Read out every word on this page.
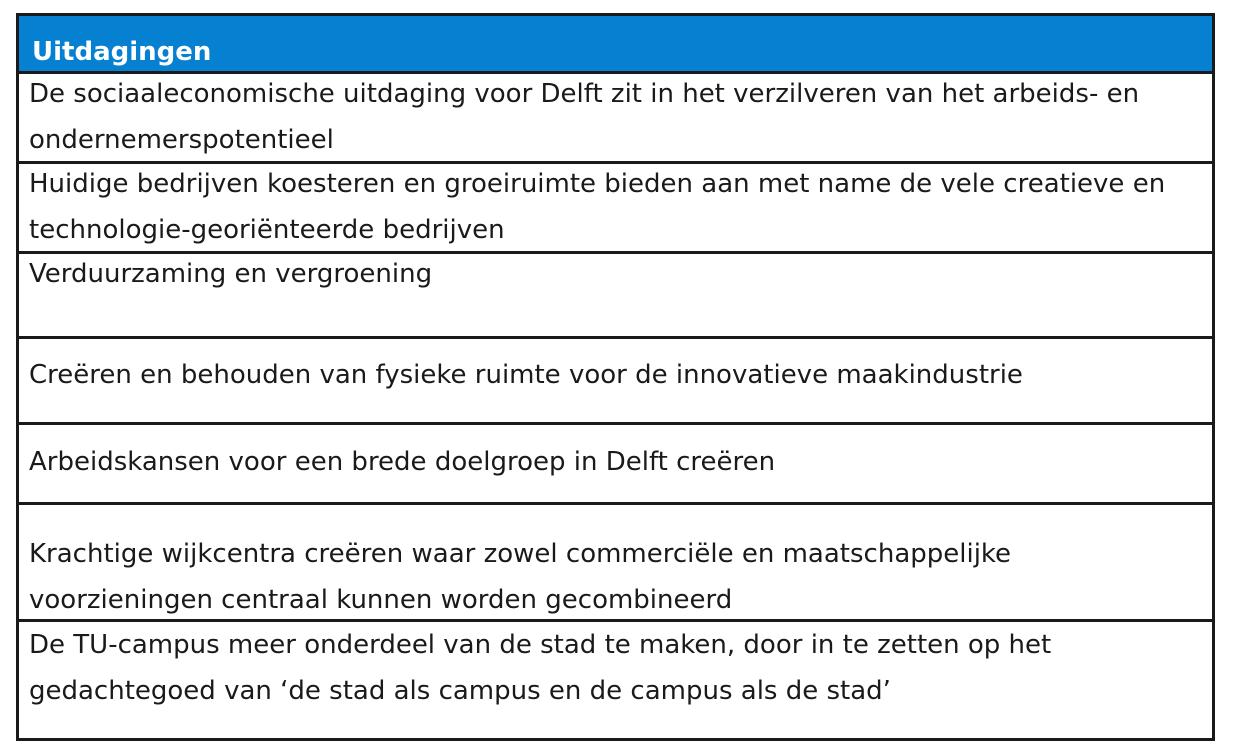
Uitdagingen
De sociaaleconomische uitdaging voor Delft zit in het verzilveren van het arbeids- en ondernemerspotentieel
Huidige bedrijven koesteren en groeiruimte bieden aan met name de vele creatieve en technologie-georiënteerde bedrijven
Verduurzaming en vergroening
Creëren en behouden van fysieke ruimte voor de innovatieve maakindustrie
Arbeidskansen voor een brede doelgroep in Delft creëren
Krachtige wijkcentra creëren waar zowel commerciële en maatschappelijke voorzieningen centraal kunnen worden gecombineerd
De TU-campus meer onderdeel van de stad te maken, door in te zetten op het gedachtegoed van ‘de stad als campus en de campus als de stad’
